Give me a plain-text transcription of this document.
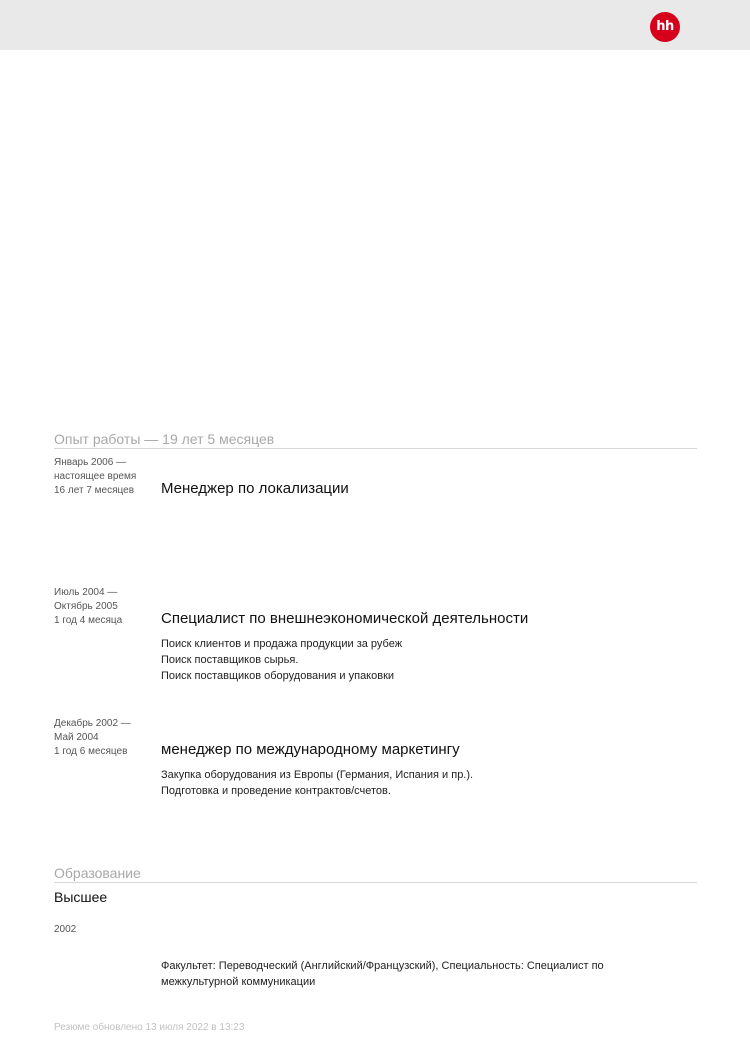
hh
Опыт работы — 19 лет 5 месяцев
Январь 2006 —
настоящее время
16 лет 7 месяцев	Менеджер по локализации
Июль 2004 —
Октябрь 2005
1 год 4 месяца	Специалист по внешнеэкономической деятельности
Поиск клиентов и продажа продукции за рубеж
Поиск поставщиков сырья.
Поиск поставщиков оборудования и упаковки
Декабрь 2002 —
Май 2004
1 год 6 месяцев	менеджер по международному маркетингу
Закупка оборудования из Европы (Германия, Испания и пр.).
Подготовка и проведение контрактов/счетов.
Образование
Высшее
2002
Факультет: Переводческий (Английский/Французский), Специальность: Специалист по межкультурной коммуникации
Резюме обновлено 13 июля 2022 в 13:23
